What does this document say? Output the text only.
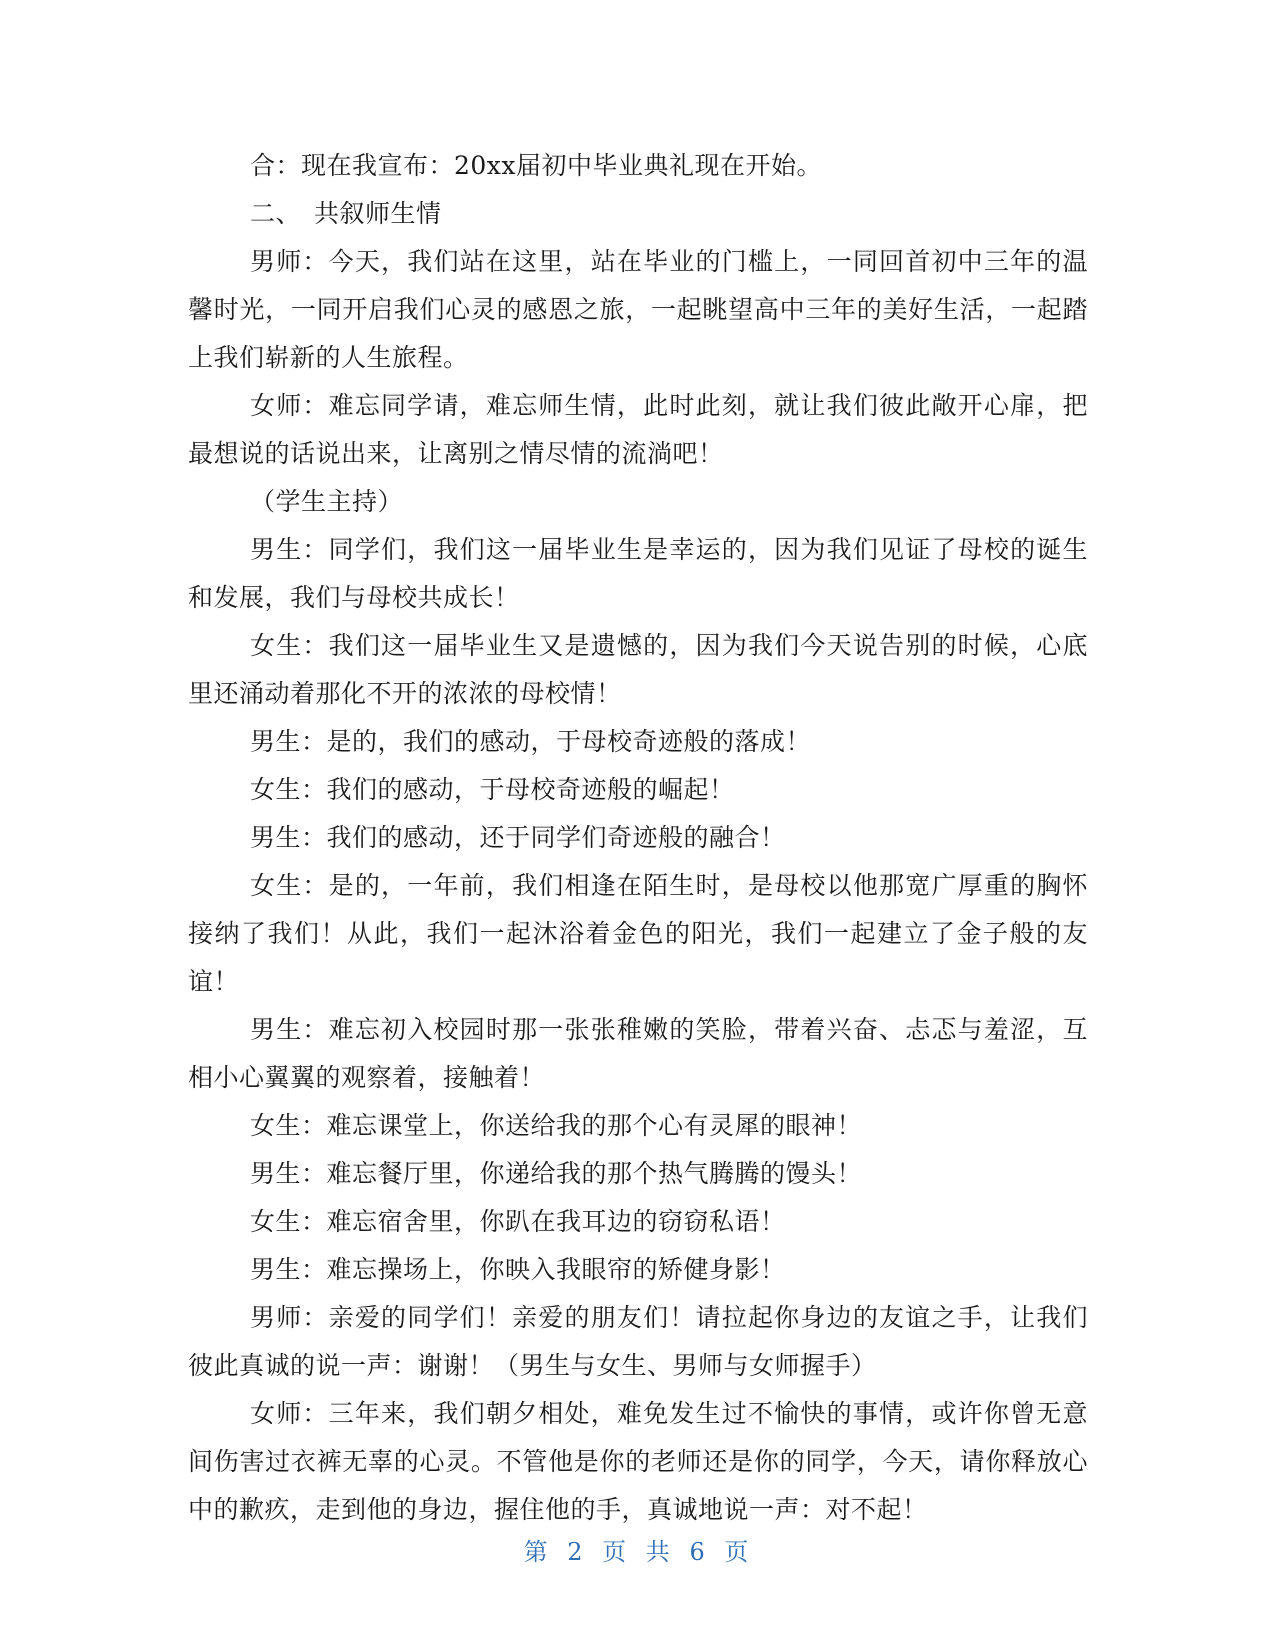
合：现在我宣布：20xx届初中毕业典礼现在开始。

二、　共叙师生情

男师：今天，我们站在这里，站在毕业的门槛上，一同回首初中三年的温馨时光，一同开启我们心灵的感恩之旅，一起眺望高中三年的美好生活，一起踏上我们崭新的人生旅程。

女师：难忘同学请，难忘师生情，此时此刻，就让我们彼此敞开心扉，把最想说的话说出来，让离别之情尽情的流淌吧！

（学生主持）

男生：同学们，我们这一届毕业生是幸运的，因为我们见证了母校的诞生和发展，我们与母校共成长！

女生：我们这一届毕业生又是遗憾的，因为我们今天说告别的时候，心底里还涌动着那化不开的浓浓的母校情！

男生：是的，我们的感动，于母校奇迹般的落成！

女生：我们的感动，于母校奇迹般的崛起！

男生：我们的感动，还于同学们奇迹般的融合！

女生：是的，一年前，我们相逢在陌生时，是母校以他那宽广厚重的胸怀接纳了我们！从此，我们一起沐浴着金色的阳光，我们一起建立了金子般的友谊！

男生：难忘初入校园时那一张张稚嫩的笑脸，带着兴奋、忐忑与羞涩，互相小心翼翼的观察着，接触着！

女生：难忘课堂上，你送给我的那个心有灵犀的眼神！

男生：难忘餐厅里，你递给我的那个热气腾腾的馒头！

女生：难忘宿舍里，你趴在我耳边的窃窃私语！

男生：难忘操场上，你映入我眼帘的矫健身影！

男师：亲爱的同学们！亲爱的朋友们！请拉起你身边的友谊之手，让我们彼此真诚的说一声：谢谢！（男生与女生、男师与女师握手）

女师：三年来，我们朝夕相处，难免发生过不愉快的事情，或许你曾无意间伤害过衣裤无辜的心灵。不管他是你的老师还是你的同学，今天，请你释放心中的歉疚，走到他的身边，握住他的手，真诚地说一声：对不起！

第 2 页 共 6 页
